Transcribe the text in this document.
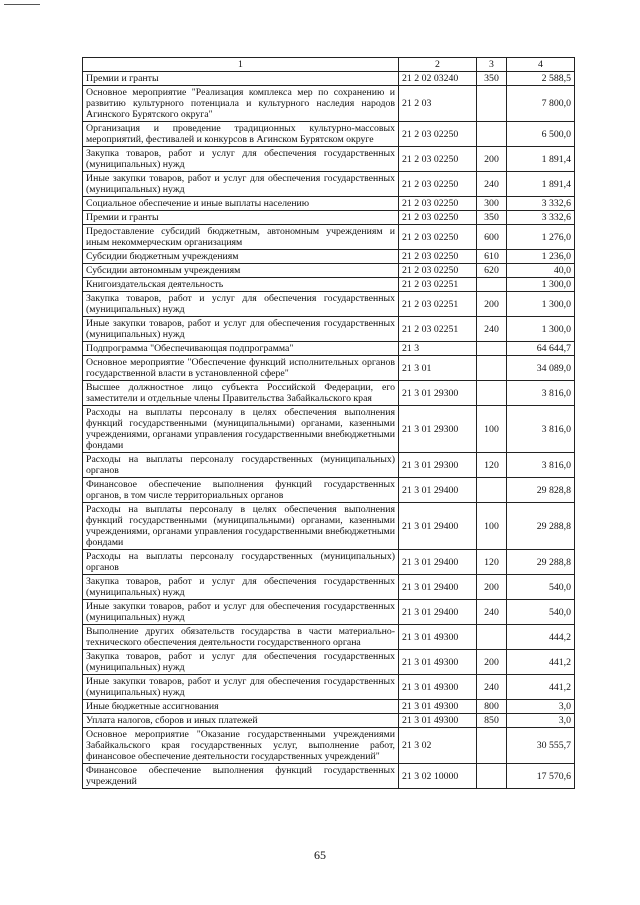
1	2	3	4
Премии и гранты	21 2 02 03240	350	2 588,5
Основное мероприятие "Реализация комплекса мер по сохранению и развитию культурного потенциала и культурного наследия народов Агинского Бурятского округа"	21 2 03		7 800,0
Организация и проведение традиционных культурно-массовых мероприятий, фестивалей и конкурсов в Агинском Бурятском округе	21 2 03 02250		6 500,0
Закупка товаров, работ и услуг для обеспечения государственных (муниципальных) нужд	21 2 03 02250	200	1 891,4
Иные закупки товаров, работ и услуг для обеспечения государственных (муниципальных) нужд	21 2 03 02250	240	1 891,4
Социальное обеспечение и иные выплаты населению	21 2 03 02250	300	3 332,6
Премии и гранты	21 2 03 02250	350	3 332,6
Предоставление субсидий бюджетным, автономным учреждениям и иным некоммерческим организациям	21 2 03 02250	600	1 276,0
Субсидии бюджетным учреждениям	21 2 03 02250	610	1 236,0
Субсидии автономным учреждениям	21 2 03 02250	620	40,0
Книгоиздательская деятельность	21 2 03 02251		1 300,0
Закупка товаров, работ и услуг для обеспечения государственных (муниципальных) нужд	21 2 03 02251	200	1 300,0
Иные закупки товаров, работ и услуг для обеспечения государственных (муниципальных) нужд	21 2 03 02251	240	1 300,0
Подпрограмма "Обеспечивающая подпрограмма"	21 3		64 644,7
Основное мероприятие "Обеспечение функций исполнительных органов государственной власти в установленной сфере"	21 3 01		34 089,0
Высшее должностное лицо субъекта Российской Федерации, его заместители и отдельные члены Правительства Забайкальского края	21 3 01 29300		3 816,0
Расходы на выплаты персоналу в целях обеспечения выполнения функций государственными (муниципальными) органами, казенными учреждениями, органами управления государственными внебюджетными фондами	21 3 01 29300	100	3 816,0
Расходы на выплаты персоналу государственных (муниципальных) органов	21 3 01 29300	120	3 816,0
Финансовое обеспечение выполнения функций государственных органов, в том числе территориальных органов	21 3 01 29400		29 828,8
Расходы на выплаты персоналу в целях обеспечения выполнения функций государственными (муниципальными) органами, казенными учреждениями, органами управления государственными внебюджетными фондами	21 3 01 29400	100	29 288,8
Расходы на выплаты персоналу государственных (муниципальных) органов	21 3 01 29400	120	29 288,8
Закупка товаров, работ и услуг для обеспечения государственных (муниципальных) нужд	21 3 01 29400	200	540,0
Иные закупки товаров, работ и услуг для обеспечения государственных (муниципальных) нужд	21 3 01 29400	240	540,0
Выполнение других обязательств государства в части материально-технического обеспечения деятельности государственного органа	21 3 01 49300		444,2
Закупка товаров, работ и услуг для обеспечения государственных (муниципальных) нужд	21 3 01 49300	200	441,2
Иные закупки товаров, работ и услуг для обеспечения государственных (муниципальных) нужд	21 3 01 49300	240	441,2
Иные бюджетные ассигнования	21 3 01 49300	800	3,0
Уплата налогов, сборов и иных платежей	21 3 01 49300	850	3,0
Основное мероприятие "Оказание государственными учреждениями Забайкальского края государственных услуг, выполнение работ, финансовое обеспечение деятельности государственных учреждений"	21 3 02		30 555,7
Финансовое обеспечение выполнения функций государственных учреждений	21 3 02 10000		17 570,6
65
